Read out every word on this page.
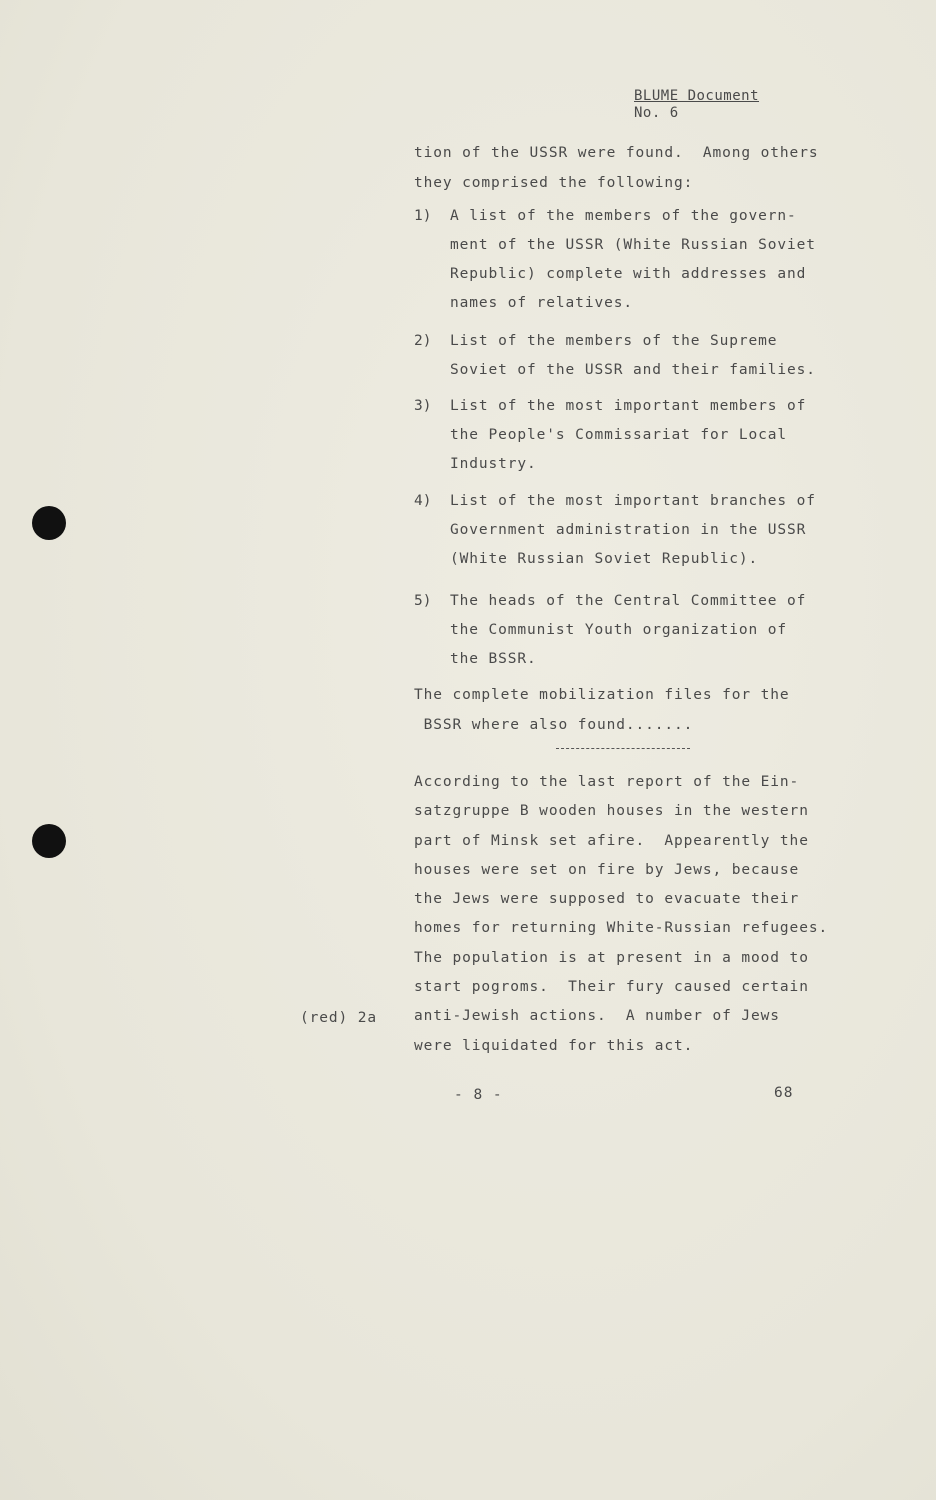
BLUME Document
No. 6
tion of the USSR were found.  Among others
they comprised the following:
1) A list of the members of the govern-
ment of the USSR (White Russian Soviet
Republic) complete with addresses and
names of relatives.
2) List of the members of the Supreme
Soviet of the USSR and their families.
3) List of the most important members of
the People's Commissariat for Local
Industry.
4) List of the most important branches of
Government administration in the USSR
(White Russian Soviet Republic).
5) The heads of the Central Committee of
the Communist Youth organization of
the BSSR.
The complete mobilization files for the
BSSR where also found.......
According to the last report of the Ein-
satzgruppe B wooden houses in the western
part of Minsk set afire.  Appearently the
houses were set on fire by Jews, because
the Jews were supposed to evacuate their
homes for returning White-Russian refugees.
The population is at present in a mood to
start pogroms.  Their fury caused certain
anti-Jewish actions.  A number of Jews
were liquidated for this act.
(red) 2a
- 8 -	68
